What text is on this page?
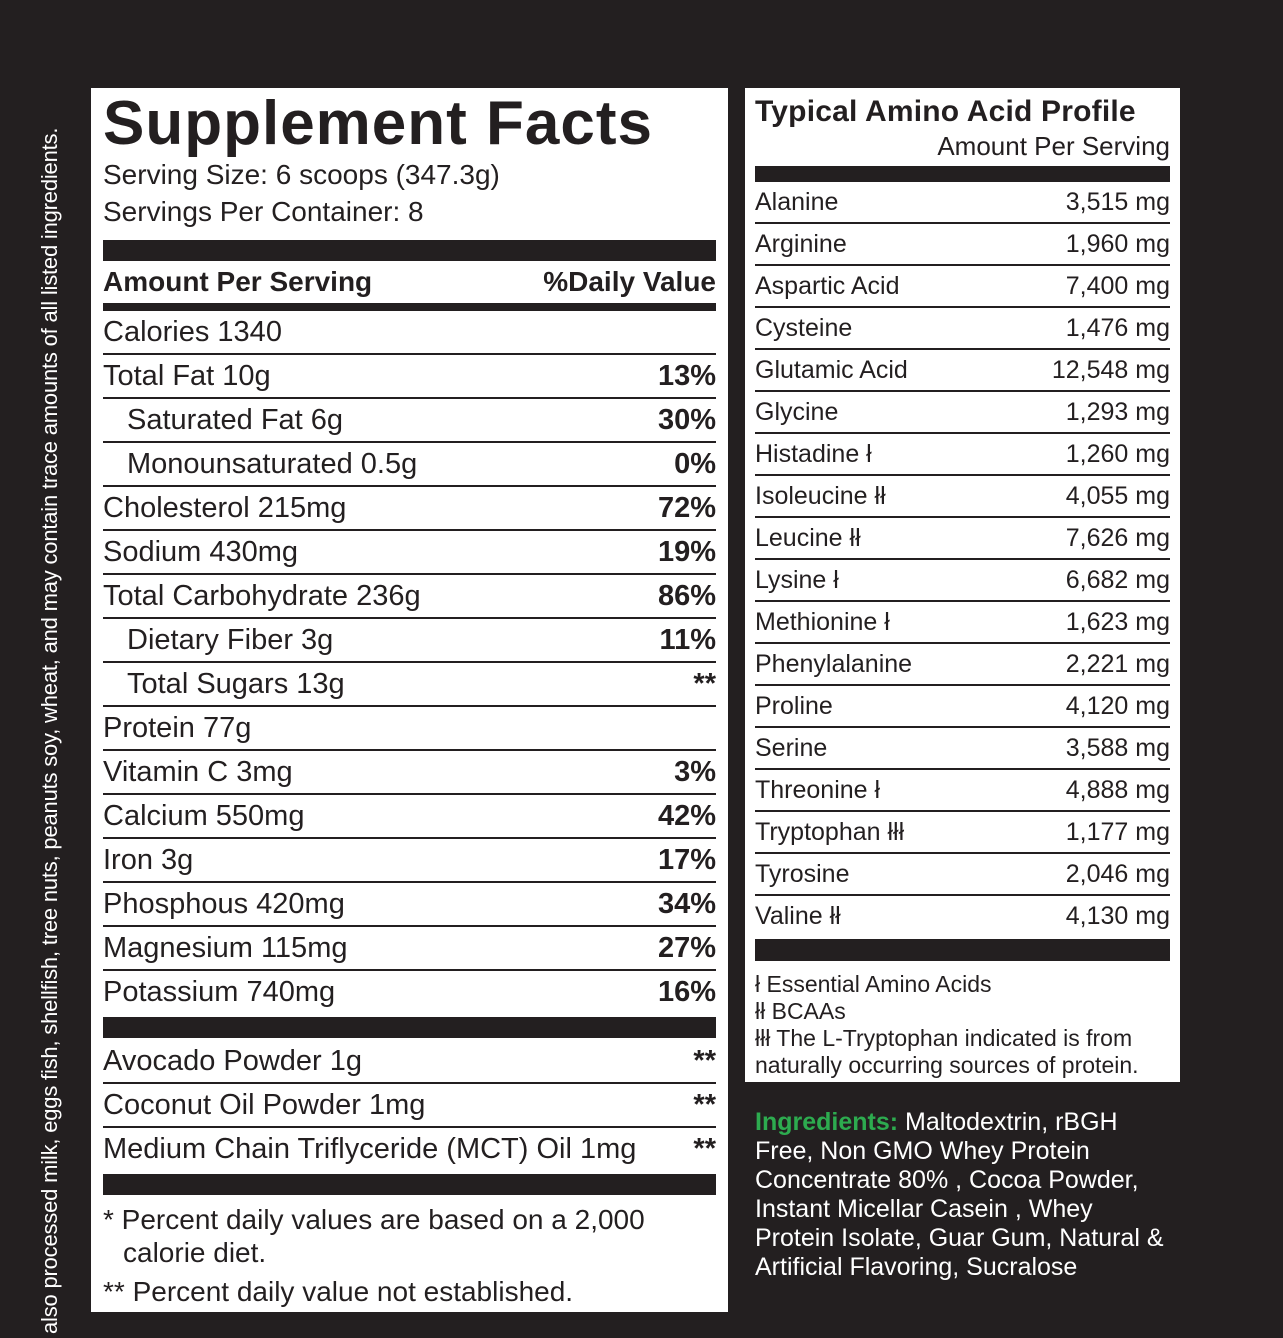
also processed milk, eggs fish, shellfish, tree nuts, peanuts soy, wheat, and may contain trace amounts of all listed ingredients.
Supplement Facts
Serving Size: 6 scoops (347.3g)
Servings Per Container: 8
Amount Per Serving	%Daily Value
Calories 1340
Total Fat 10g	13%
Saturated Fat 6g	30%
Monounsaturated 0.5g	0%
Cholesterol 215mg	72%
Sodium 430mg	19%
Total Carbohydrate 236g	86%
Dietary Fiber 3g	11%
Total Sugars 13g	**
Protein 77g
Vitamin C 3mg	3%
Calcium 550mg	42%
Iron 3g	17%
Phosphous 420mg	34%
Magnesium 115mg	27%
Potassium 740mg	16%
Avocado Powder 1g	**
Coconut Oil Powder 1mg	**
Medium Chain Triflyceride (MCT) Oil 1mg **
* Percent daily values are based on a 2,000 calorie diet.
** Percent daily value not established.
Typical Amino Acid Profile
Amount Per Serving
Alanine	3,515 mg
Arginine	1,960 mg
Aspartic Acid	7,400 mg
Cysteine	1,476 mg
Glutamic Acid	12,548 mg
Glycine	1,293 mg
Histadine ł	1,260 mg
Isoleucine łł	4,055 mg
Leucine łł	7,626 mg
Lysine ł	6,682 mg
Methionine ł	1,623 mg
Phenylalanine	2,221 mg
Proline	4,120 mg
Serine	3,588 mg
Threonine ł	4,888 mg
Tryptophan łłł	1,177 mg
Tyrosine	2,046 mg
Valine łł	4,130 mg
ł Essential Amino Acids
łł BCAAs
łłł The L-Tryptophan indicated is from naturally occurring sources of protein.
Ingredients: Maltodextrin, rBGH Free, Non GMO Whey Protein Concentrate 80% , Cocoa Powder, Instant Micellar Casein , Whey Protein Isolate, Guar Gum, Natural & Artificial Flavoring, Sucralose
